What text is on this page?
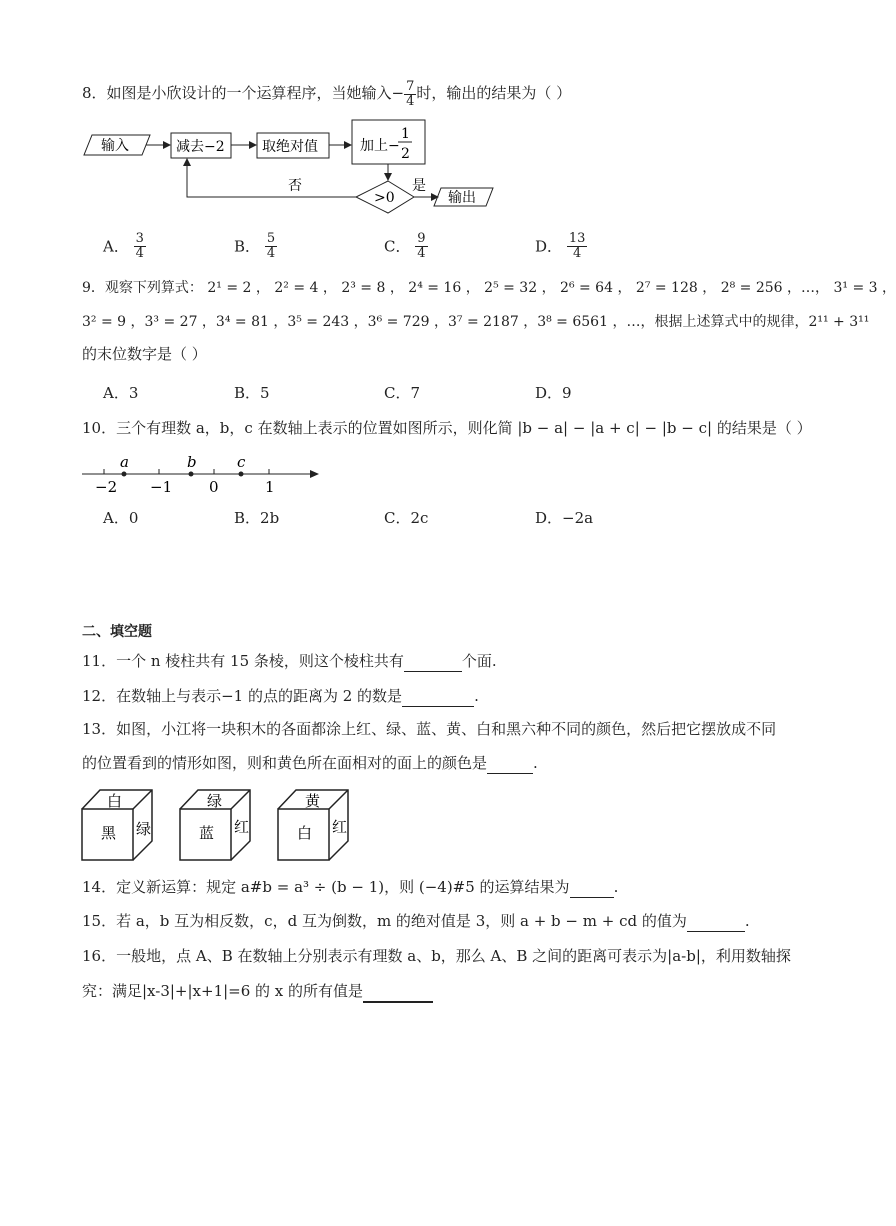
8．如图是小欣设计的一个运算程序，当她输入− $\frac{7}{4}$ 时，输出的结果为（ ）
输入	减去−2	取绝对值	加上−
1
2
>0
否	是
输出
A． $\frac{3}{4}$	B． $\frac{5}{4}$	C． $\frac{9}{4}$	D． $\frac{13}{4}$
9．观察下列算式： 2¹ = 2 ， 2² = 4 ， 2³ = 8 ， 2⁴ = 16 ， 2⁵ = 32 ， 2⁶ = 64 ， 2⁷ = 128 ， 2⁸ = 256 ，…， 3¹ = 3 ，
3² = 9 ，3³ = 27 ，3⁴ = 81 ，3⁵ = 243 ，3⁶ = 729 ，3⁷ = 2187 ，3⁸ = 6561 ，…，根据上述算式中的规律，2¹¹ + 3¹¹
的末位数字是（ ）
A．3	B．5	C．7	D．9
10．三个有理数 a，b，c 在数轴上表示的位置如图所示，则化简 |b − a| − |a + c| − |b − c| 的结果是（ ）
a	b	c
−2 −1 0	1
A．0	B．2b	C．2c	D．−2a
二、填空题
11．一个 n 棱柱共有 15 条棱，则这个棱柱共有	个面.
12．在数轴上与表示−1 的点的距离为 2 的数是	.
13．如图，小江将一块积木的各面都涂上红、绿、蓝、黄、白和黑六种不同的颜色，然后把它摆放成不同
的位置看到的情形如图，则和黄色所在面相对的面上的颜色是	.
白
黑 绿
绿
蓝 红
黄
白 红
14．定义新运算：规定 a#b = a³ ÷ (b − 1)，则 (−4)#5 的运算结果为	.
15．若 a，b 互为相反数，c，d 互为倒数，m 的绝对值是 3，则 a + b − m + cd 的值为	.
16．一般地，点 A、B 在数轴上分别表示有理数 a、b，那么 A、B 之间的距离可表示为|a-b|，利用数轴探
究：满足|x-3|+|x+1|=6 的 x 的所有值是
